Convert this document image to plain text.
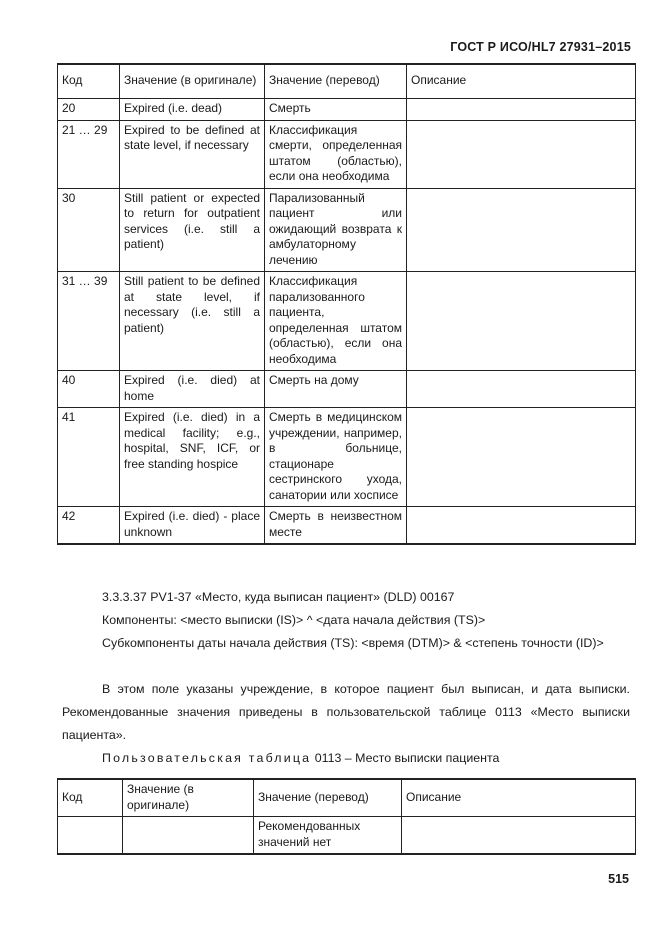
ГОСТ Р ИСО/HL7 27931–2015
Код	Значение (в оригинале)	Значение (перевод)	Описание
20	Expired (i.e. dead)	Смерть	
21 … 29	Expired to be defined at state level, if necessary	Классификация смерти, определенная штатом (областью), если она необходима	
30	Still patient or expected to return for outpatient services (i.e. still a patient)	Парализованный пациент или ожидающий возврата к амбулаторному лечению	
31 … 39	Still patient to be defined at state level, if necessary (i.e. still a patient)	Классификация парализованного пациента, определенная штатом (областью), если она необходима	
40	Expired (i.e. died) at home	Смерть на дому	
41	Expired (i.e. died) in a medical facility; e.g., hospital, SNF, ICF, or free standing hospice	Смерть в медицинском учреждении, например, в больнице, стационаре сестринского ухода, санатории или хосписе	
42	Expired (i.e. died) - place unknown	Смерть в неизвестном месте	
3.3.3.37 PV1-37 «Место, куда выписан пациент» (DLD) 00167
Компоненты: <место выписки (IS)> ^ <дата начала действия (TS)>
Субкомпоненты даты начала действия (TS): <время (DTM)> & <степень точности (ID)>
В этом поле указаны учреждение, в которое пациент был выписан, и дата выписки. Рекомендованные значения приведены в пользовательской таблице 0113 «Место выписки пациента».
Пользовательская таблица 0113 – Место выписки пациента
Код	Значение (в оригинале)	Значение (перевод)	Описание
		Рекомендованных значений нет	
515
